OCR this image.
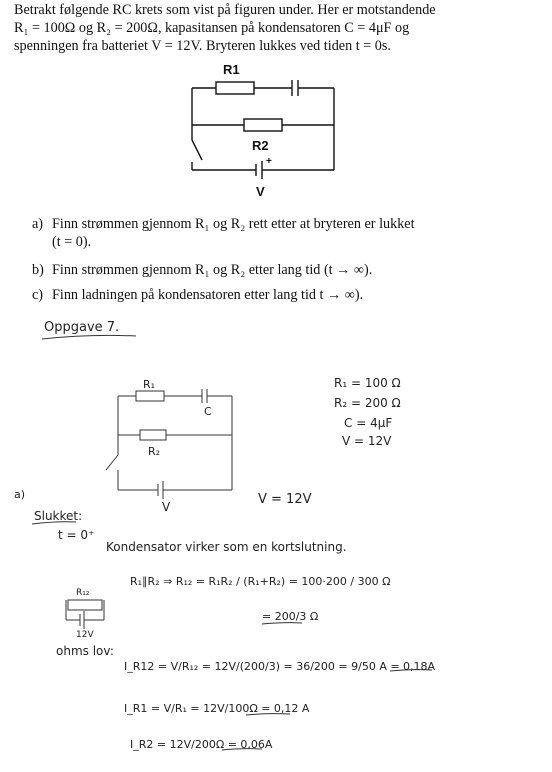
Betrakt følgende RC krets som vist på figuren under. Her er motstandende
R₁ = 100Ω og R₂ = 200Ω, kapasitansen på kondensatoren C = 4μF og
spenningen fra batteriet V = 12V. Bryteren lukkes ved tiden t = 0s.
R1
R2
+
V
a) Finn strømmen gjennom R₁ og R₂ rett etter at bryteren er lukket
(t = 0).
b) Finn strømmen gjennom R₁ og R₂ etter lang tid (t → ∞).
c) Finn ladningen på kondensatoren etter lang tid t → ∞).
Oppgave 7.
R₁
C
R₂
V
R₁ = 100 Ω
R₂ = 200 Ω
C = 4μF
V = 12V
a)	V = 12V
Slukket:
t = 0⁺
Kondensator virker som en kortslutning.
R₁∥R₂ ⇒ R₁₂ = R₁R₂ / (R₁+R₂) = 100·200 / 300 Ω
= 200/3 Ω
R₁₂
12V
ohms lov:
I_R12 = V/R₁₂ = 12V/(200/3) = 36/200 = 9/50 A = 0,18A
I_R1 = V/R₁ = 12V/100Ω = 0,12 A
I_R2 = 12V/200Ω = 0,06A
